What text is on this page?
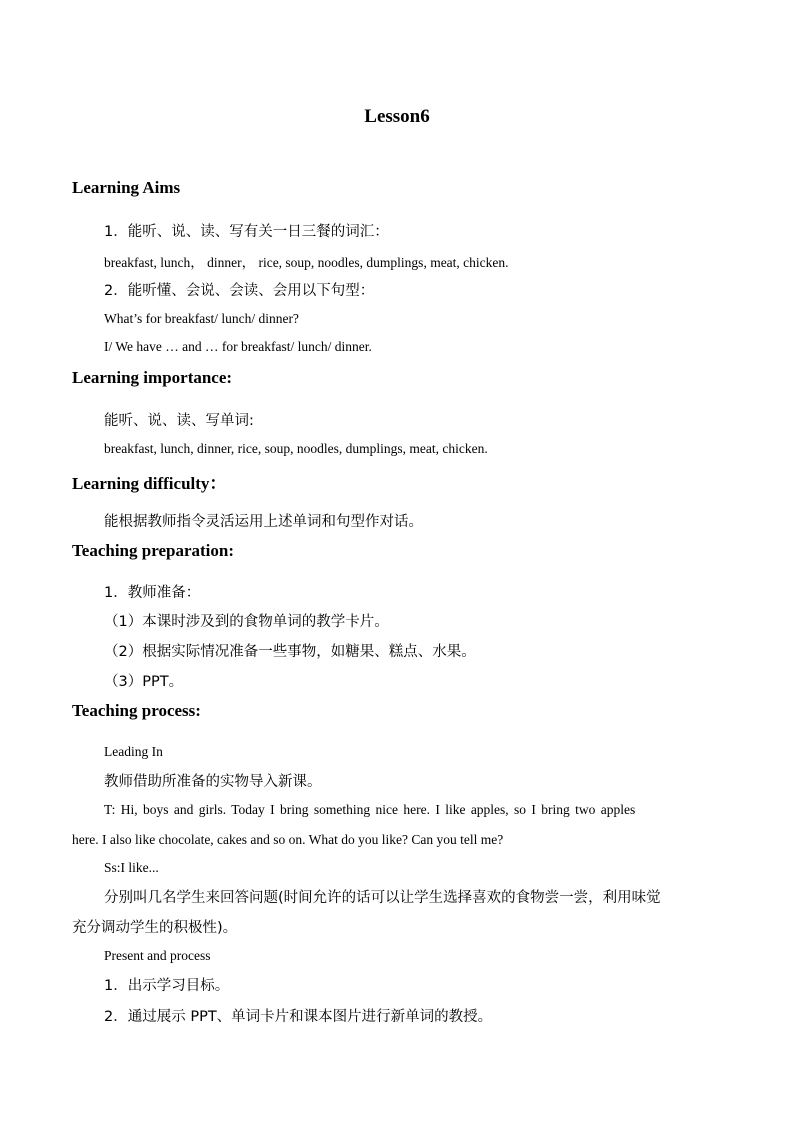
Lesson6
Learning Aims
1．能听、说、读、写有关一日三餐的词汇：
breakfast, lunch， dinner， rice, soup, noodles, dumplings, meat, chicken.
2．能听懂、会说、会读、会用以下句型：
What’s for breakfast/ lunch/ dinner?
I/ We have … and … for breakfast/ lunch/ dinner.
Learning importance:
能听、说、读、写单词:
breakfast, lunch, dinner, rice, soup, noodles, dumplings, meat, chicken.
Learning difficulty：
能根据教师指令灵活运用上述单词和句型作对话。
Teaching preparation:
1．教师准备：
（1）本课时涉及到的食物单词的教学卡片。
（2）根据实际情况准备一些事物，如糖果、糕点、水果。
（3）PPT。
Teaching process:
Leading In
教师借助所准备的实物导入新课。
T: Hi, boys and girls. Today I bring something nice here. I like apples, so I bring two apples
here. I also like chocolate, cakes and so on. What do you like? Can you tell me?
Ss:I like...
分别叫几名学生来回答问题(时间允许的话可以让学生选择喜欢的食物尝一尝，利用味觉
充分调动学生的积极性)。
Present and process
1．出示学习目标。
2．通过展示 PPT、单词卡片和课本图片进行新单词的教授。
